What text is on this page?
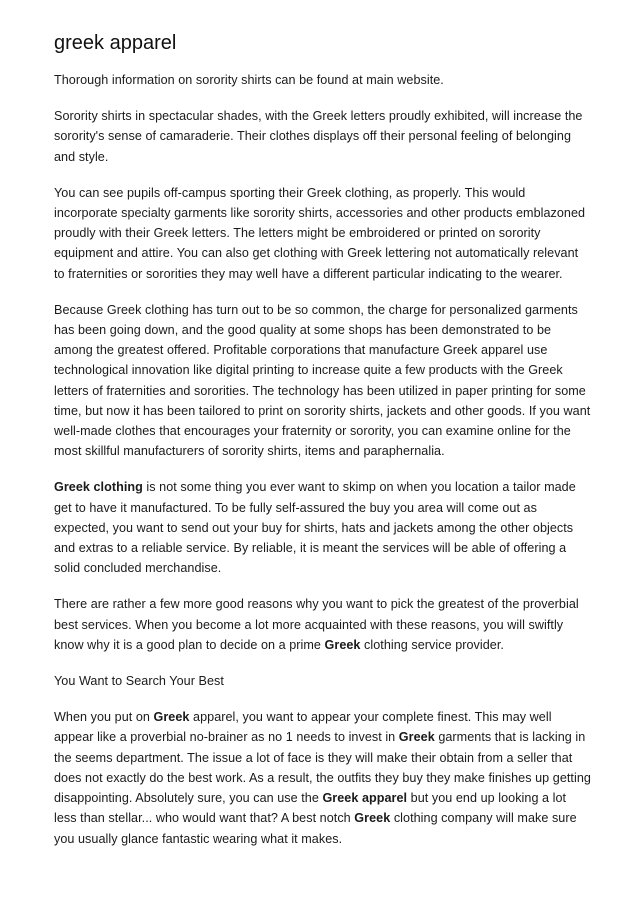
greek apparel

Thorough information on sorority shirts can be found at main website.

Sorority shirts in spectacular shades, with the Greek letters proudly exhibited, will increase the sorority's sense of camaraderie. Their clothes displays off their personal feeling of belonging and style.

You can see pupils off-campus sporting their Greek clothing, as properly. This would incorporate specialty garments like sorority shirts, accessories and other products emblazoned proudly with their Greek letters. The letters might be embroidered or printed on sorority equipment and attire. You can also get clothing with Greek lettering not automatically relevant to fraternities or sororities they may well have a different particular indicating to the wearer.

Because Greek clothing has turn out to be so common, the charge for personalized garments has been going down, and the good quality at some shops has been demonstrated to be among the greatest offered. Profitable corporations that manufacture Greek apparel use technological innovation like digital printing to increase quite a few products with the Greek letters of fraternities and sororities. The technology has been utilized in paper printing for some time, but now it has been tailored to print on sorority shirts, jackets and other goods. If you want well-made clothes that encourages your fraternity or sorority, you can examine online for the most skillful manufacturers of sorority shirts, items and paraphernalia.

Greek clothing is not some thing you ever want to skimp on when you location a tailor made get to have it manufactured. To be fully self-assured the buy you area will come out as expected, you want to send out your buy for shirts, hats and jackets among the other objects and extras to a reliable service. By reliable, it is meant the services will be able of offering a solid concluded merchandise.

There are rather a few more good reasons why you want to pick the greatest of the proverbial best services. When you become a lot more acquainted with these reasons, you will swiftly know why it is a good plan to decide on a prime Greek clothing service provider.

You Want to Search Your Best

When you put on Greek apparel, you want to appear your complete finest. This may well appear like a proverbial no-brainer as no 1 needs to invest in Greek garments that is lacking in the seems department. The issue a lot of face is they will make their obtain from a seller that does not exactly do the best work. As a result, the outfits they buy they make finishes up getting disappointing. Absolutely sure, you can use the Greek apparel but you end up looking a lot less than stellar... who would want that? A best notch Greek clothing company will make sure you usually glance fantastic wearing what it makes.
